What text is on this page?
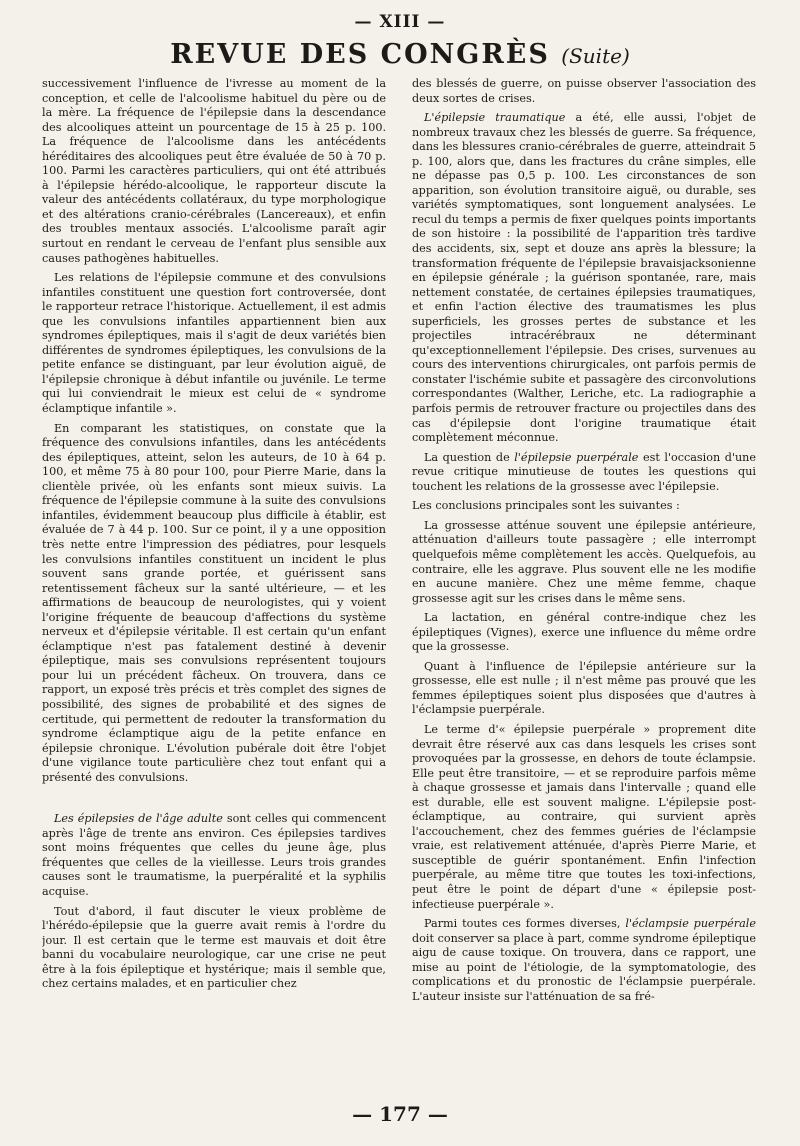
— XIII —
REVUE DES CONGRÈS (Suite)

successivement l'influence de l'ivresse au moment de la conception, et celle de l'alcoolisme habituel du père ou de la mère. La fréquence de l'épilepsie dans la descendance des alcooliques atteint un pourcentage de 15 à 25 p. 100. La fréquence de l'alcoolisme dans les antécédents héréditaires des alcooliques peut être évaluée de 50 à 70 p. 100. Parmi les caractères particuliers, qui ont été attribués à l'épilepsie hérédo-alcoolique, le rapporteur discute la valeur des antécédents collatéraux, du type morphologique et des altérations cranio-cérébrales (Lancereaux), et enfin des troubles mentaux associés. L'alcoolisme paraît agir surtout en rendant le cerveau de l'enfant plus sensible aux causes pathogènes habituelles.

Les relations de l'épilepsie commune et des convulsions infantiles constituent une question fort controversée, dont le rapporteur retrace l'historique. Actuellement, il est admis que les convulsions infantiles appartiennent bien aux syndromes épileptiques, mais il s'agit de deux variétés bien différentes de syndromes épileptiques, les convulsions de la petite enfance se distinguant, par leur évolution aiguë, de l'épilepsie chronique à début infantile ou juvénile. Le terme qui lui conviendrait le mieux est celui de « syndrome éclamptique infantile ».

En comparant les statistiques, on constate que la fréquence des convulsions infantiles, dans les antécédents des épileptiques, atteint, selon les auteurs, de 10 à 64 p. 100, et même 75 à 80 pour 100, pour Pierre Marie, dans la clientèle privée, où les enfants sont mieux suivis. La fréquence de l'épilepsie commune à la suite des convulsions infantiles, évidemment beaucoup plus difficile à établir, est évaluée de 7 à 44 p. 100. Sur ce point, il y a une opposition très nette entre l'impression des pédiatres, pour lesquels les convulsions infantiles constituent un incident le plus souvent sans grande portée, et guérissent sans retentissement fâcheux sur la santé ultérieure, — et les affirmations de beaucoup de neurologistes, qui y voient l'origine fréquente de beaucoup d'affections du système nerveux et d'épilepsie véritable. Il est certain qu'un enfant éclamptique n'est pas fatalement destiné à devenir épileptique, mais ses convulsions représentent toujours pour lui un précédent fâcheux. On trouvera, dans ce rapport, un exposé très précis et très complet des signes de possibilité, des signes de probabilité et des signes de certitude, qui permettent de redouter la transformation du syndrome éclamptique aigu de la petite enfance en épilepsie chronique. L'évolution pubérale doit être l'objet d'une vigilance toute particulière chez tout enfant qui a présenté des convulsions.

Les épilepsies de l'âge adulte sont celles qui commencent après l'âge de trente ans environ. Ces épilepsies tardives sont moins fréquentes que celles du jeune âge, plus fréquentes que celles de la vieillesse. Leurs trois grandes causes sont le traumatisme, la puerpéralité et la syphilis acquise.

Tout d'abord, il faut discuter le vieux problème de l'hérédo-épilepsie que la guerre avait remis à l'ordre du jour. Il est certain que le terme est mauvais et doit être banni du vocabulaire neurologique, car une crise ne peut être à la fois épileptique et hystérique; mais il semble que, chez certains malades, et en particulier chez

des blessés de guerre, on puisse observer l'association des deux sortes de crises.

L'épilepsie traumatique a été, elle aussi, l'objet de nombreux travaux chez les blessés de guerre. Sa fréquence, dans les blessures cranio-cérébrales de guerre, atteindrait 5 p. 100, alors que, dans les fractures du crâne simples, elle ne dépasse pas 0,5 p. 100. Les circonstances de son apparition, son évolution transitoire aiguë, ou durable, ses variétés symptomatiques, sont longuement analysées. Le recul du temps a permis de fixer quelques points importants de son histoire : la possibilité de l'apparition très tardive des accidents, six, sept et douze ans après la blessure; la transformation fréquente de l'épilepsie bravaisjacksonienne en épilepsie générale ; la guérison spontanée, rare, mais nettement constatée, de certaines épilepsies traumatiques, et enfin l'action élective des traumatismes les plus superficiels, les grosses pertes de substance et les projectiles intracérébraux ne déterminant qu'exceptionnellement l'épilepsie. Des crises, survenues au cours des interventions chirurgicales, ont parfois permis de constater l'ischémie subite et passagère des circonvolutions correspondantes (Walther, Leriche, etc. La radiographie a parfois permis de retrouver fracture ou projectiles dans des cas d'épilepsie dont l'origine traumatique était complètement méconnue.

La question de l'épilepsie puerpérale est l'occasion d'une revue critique minutieuse de toutes les questions qui touchent les relations de la grossesse avec l'épilepsie.

Les conclusions principales sont les suivantes :

La grossesse atténue souvent une épilepsie antérieure, atténuation d'ailleurs toute passagère ; elle interrompt quelquefois même complètement les accès. Quelquefois, au contraire, elle les aggrave. Plus souvent elle ne les modifie en aucune manière. Chez une même femme, chaque grossesse agit sur les crises dans le même sens.

La lactation, en général contre-indique chez les épileptiques (Vignes), exerce une influence du même ordre que la grossesse.

Quant à l'influence de l'épilepsie antérieure sur la grossesse, elle est nulle ; il n'est même pas prouvé que les femmes épileptiques soient plus disposées que d'autres à l'éclampsie puerpérale.

Le terme d'« épilepsie puerpérale » proprement dite devrait être réservé aux cas dans lesquels les crises sont provoquées par la grossesse, en dehors de toute éclampsie. Elle peut être transitoire, — et se reproduire parfois même à chaque grossesse et jamais dans l'intervalle ; quand elle est durable, elle est souvent maligne. L'épilepsie post-éclamptique, au contraire, qui survient après l'accouchement, chez des femmes guéries de l'éclampsie vraie, est relativement atténuée, d'après Pierre Marie, et susceptible de guérir spontanément. Enfin l'infection puerpérale, au même titre que toutes les toxi-infections, peut être le point de départ d'une « épilepsie post-infectieuse puerpérale ».

Parmi toutes ces formes diverses, l'éclampsie puerpérale doit conserver sa place à part, comme syndrome épileptique aigu de cause toxique. On trouvera, dans ce rapport, une mise au point de l'étiologie, de la symptomatologie, des complications et du pronostic de l'éclampsie puerpérale. L'auteur insiste sur l'atténuation de sa fré-

— 177 —
